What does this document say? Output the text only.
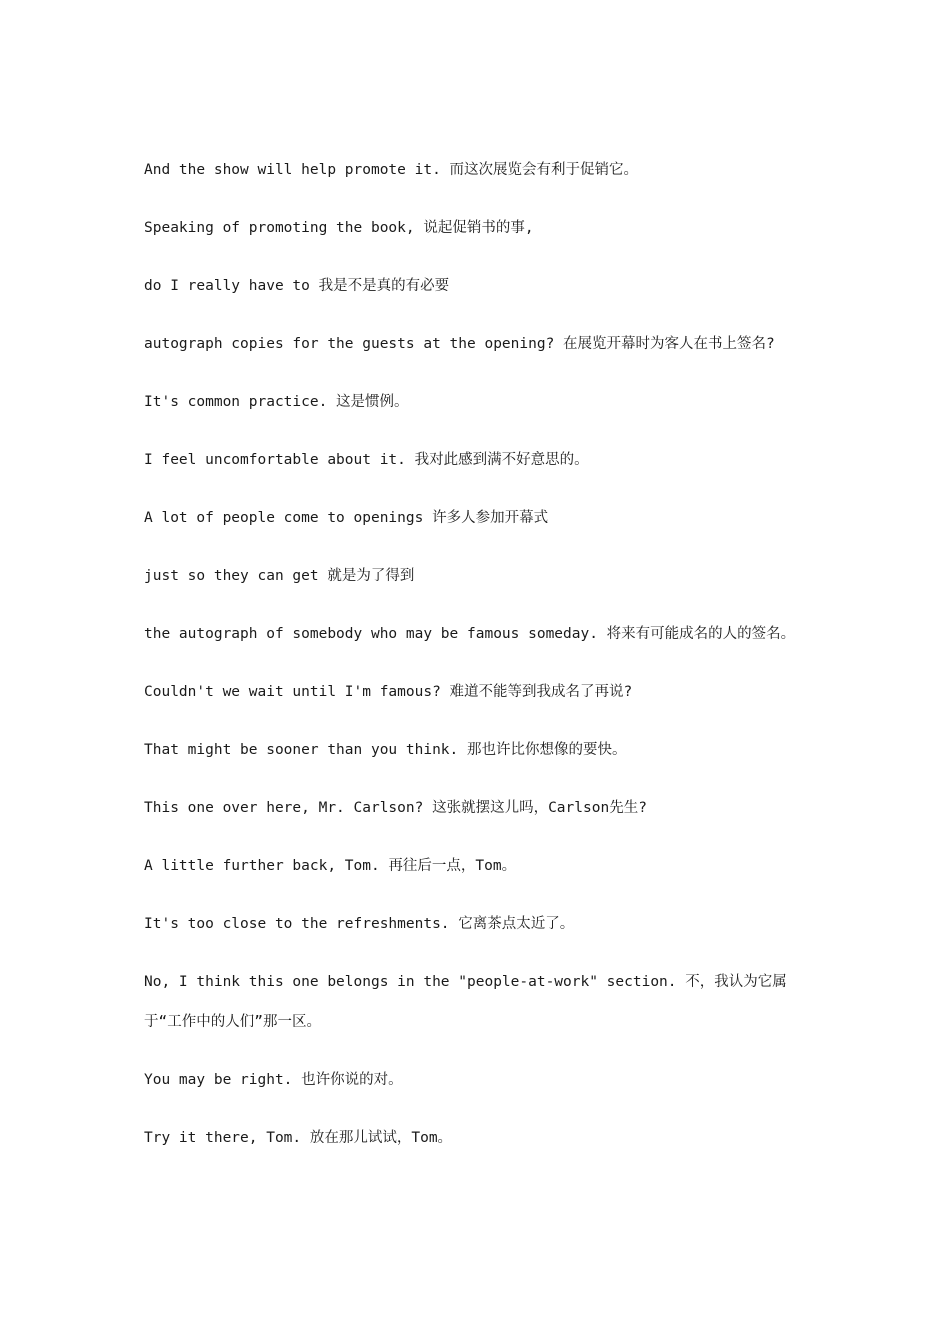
And the show will help promote it. 而这次展览会有利于促销它。

Speaking of promoting the book, 说起促销书的事,

do I really have to 我是不是真的有必要

autograph copies for the guests at the opening? 在展览开幕时为客人在书上签名?

It's common practice. 这是惯例。

I feel uncomfortable about it. 我对此感到满不好意思的。

A lot of people come to openings 许多人参加开幕式

just so they can get 就是为了得到

the autograph of somebody who may be famous someday. 将来有可能成名的人的签名。

Couldn't we wait until I'm famous? 难道不能等到我成名了再说?

That might be sooner than you think. 那也许比你想像的要快。

This one over here, Mr. Carlson? 这张就摆这儿吗，Carlson先生?

A little further back, Tom. 再往后一点，Tom。

It's too close to the refreshments. 它离茶点太近了。

No, I think this one belongs in the "people-at-work" section. 不，我认为它属于“工作中的人们”那一区。

You may be right. 也许你说的对。

Try it there, Tom. 放在那儿试试，Tom。
